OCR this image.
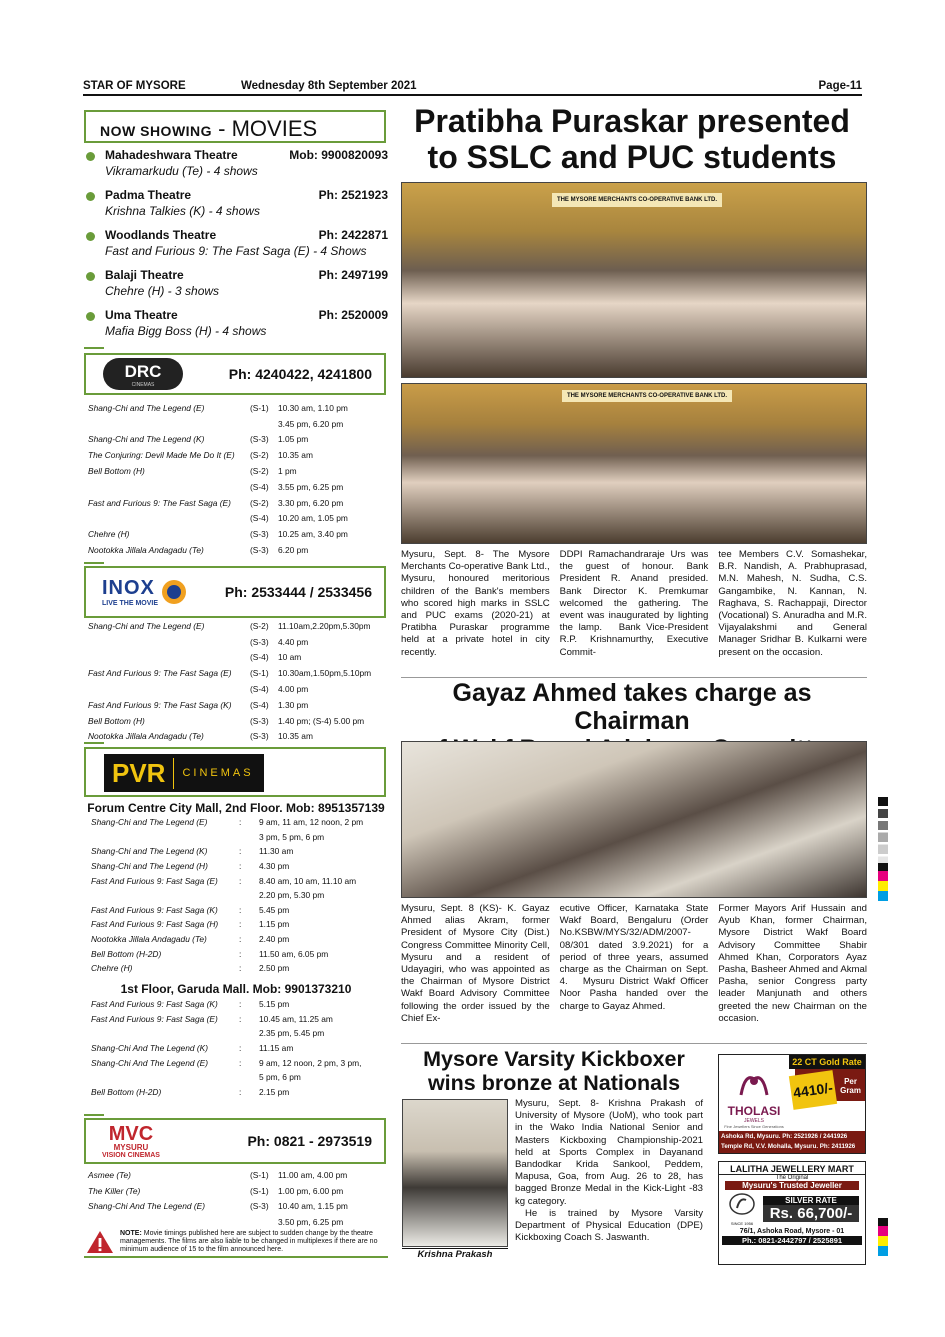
STAR OF MYSORE	Wednesday 8th September 2021	Page-11
NOW SHOWING - MOVIES
Mahadeshwara Theatre	Mob: 9900820093
Vikramarkudu (Te) - 4 shows
Padma Theatre	Ph: 2521923
Krishna Talkies (K) - 4 shows
Woodlands Theatre	Ph: 2422871
Fast and Furious 9: The Fast Saga (E) - 4 Shows
Balaji Theatre	Ph: 2497199
Chehre (H) - 3 shows
Uma Theatre	Ph: 2520009
Mafia Bigg Boss (H) - 4 shows
DRC
CINEMAS
Ph: 4240422, 4241800
Shang-Chi and The Legend (E)	(S-1)	10.30 am, 1.10 pm
3.45 pm, 6.20 pm
Shang-Chi and The Legend (K)	(S-3)	1.05 pm
The Conjuring: Devil Made Me Do It (E)	(S-2)	10.35 am
Bell Bottom (H)	(S-2)	1 pm
(S-4)	3.55 pm, 6.25 pm
Fast and Furious 9: The Fast Saga (E)	(S-2)	3.30 pm, 6.20 pm
(S-4)	10.20 am, 1.05 pm
Chehre (H)	(S-3)	10.25 am, 3.40 pm
Nootokka Jillala Andagadu (Te)	(S-3)	6.20 pm
INOX
LIVE THE MOVIE
Ph: 2533444 / 2533456
Shang-Chi and The Legend (E)	(S-2)	11.10am,2.20pm,5.30pm
(S-3)	4.40 pm
(S-4)	10 am
Fast And Furious 9: The Fast Saga (E)	(S-1)	10.30am,1.50pm,5.10pm
(S-4)	4.00 pm
Fast And Furious 9: The Fast Saga (K)	(S-4)	1.30 pm
Bell Bottom (H)	(S-3)	1.40 pm; (S-4) 5.00 pm
Nootokka Jillala Andagadu (Te)	(S-3)	10.35 am
PVR	CINEMAS
Forum Centre City Mall, 2nd Floor. Mob: 8951357139
Shang-Chi and The Legend (E)	:	9 am, 11 am, 12 noon, 2 pm
3 pm, 5 pm, 6 pm
Shang-Chi and The Legend (K)	:	11.30 am
Shang-Chi and The Legend (H)	:	4.30 pm
Fast And Furious 9: Fast Saga (E)	:	8.40 am, 10 am, 11.10 am
2.20 pm, 5.30 pm
Fast And Furious 9: Fast Saga (K)	:	5.45 pm
Fast And Furious 9: Fast Saga (H)	:	1.15 pm
Nootokka Jillala Andagadu (Te)	:	2.40 pm
Bell Bottom (H-2D)	:	11.50 am, 6.05 pm
Chehre (H)	:	2.50 pm
1st Floor, Garuda Mall. Mob: 9901373210
Fast And Furious 9: Fast Saga (K)	:	5.15 pm
Fast And Furious 9: Fast Saga (E)	:	10.45 am, 11.25 am
2.35 pm, 5.45 pm
Shang-Chi And The Legend (K)	:	11.15 am
Shang-Chi And The Legend (E)	:	9 am, 12 noon, 2 pm, 3 pm,
5 pm, 6 pm
Bell Bottom (H-2D)	:	2.15 pm
MVC
MYSURU
VISION CINEMAS
Ph: 0821 - 2973519
Asmee (Te)	(S-1)	11.00 am, 4.00 pm
The Killer (Te)	(S-1)	1.00 pm, 6.00 pm
Shang-Chi And The Legend (E)	(S-3)	10.40 am, 1.15 pm
3.50 pm, 6.25 pm
NOTE: Movie timings published here are subject to sudden change by the theatre managements. The films are also liable to be changed in multiplexes if there are no minimum audience of 15 to the film announced here.
Pratibha Puraskar presented
to SSLC and PUC students
THE MYSORE MERCHANTS CO-OPERATIVE BANK LTD.
THE MYSORE MERCHANTS CO-OPERATIVE BANK LTD.
Mysuru, Sept. 8- The Mysore Merchants Co-operative Bank Ltd., Mysuru, honoured meritorious children of the Bank's members who scored high marks in SSLC and PUC exams (2020-21) at Pratibha Puraskar programme held at a private hotel in city recently.
DDPI Ramachandraraje Urs was the guest of honour. Bank President R. Anand presided. Bank Director K. Premkumar welcomed the gathering. The event was inaugurated by lighting the lamp.   Bank Vice-President R.P. Krishnamurthy, Executive Commit-
tee Members C.V. Somashekar, B.R. Nandish, A. Prabhuprasad, M.N. Mahesh, N. Sudha, C.S. Gangambike, N. Kannan, N. Raghava, S. Rachappaji, Director (Vocational) S. Anuradha and M.R. Vijayalakshmi and General Manager Sridhar B. Kulkarni were present on the occasion.
Gayaz Ahmed takes charge as Chairman
Mysuru, Sept. 8 (KS)- K. Gayaz Ahmed alias Akram, former President of Mysore City (Dist.) Congress Committee Minority Cell, Mysuru and a resident of Udayagiri, who was appointed as the Chairman of Mysore District Wakf Board Advisory Committee following the order issued by the Chief Ex-
ecutive Officer, Karnataka State Wakf Board, Bengaluru (Order No.KSBW/MYS/32/ADM/2007-08/301 dated 3.9.2021) for a period of three years, assumed charge as the Chairman on Sept. 4.   Mysuru District Wakf Officer Noor Pasha handed over the charge to Gayaz Ahmed.
Former Mayors Arif Hussain and Ayub Khan, former Chairman, Mysore District Wakf Board Advisory Committee Shabir Ahmed Khan, Corporators Ayaz Pasha, Basheer Ahmed and Akmal Pasha, senior Congress party leader Manjunath and others greeted the new Chairman on the occasion.
Mysore Varsity Kickboxer
wins bronze at Nationals
Krishna Prakash
Mysuru, Sept. 8- Krishna Prakash of University of Mysore (UoM), who took part in the Wako India National Senior and Masters Kickboxing Championship-2021 held at Sports Complex in Dayanand Bandodkar Krida Sankool, Peddem, Mapusa, Goa, from Aug. 26 to 28, has bagged Bronze Medal in the Kick-Light -83 kg category.
He is trained by Mysore Varsity Department of Physical Education (DPE) Kickboxing Coach S. Jaswanth.
22 CT Gold Rate
THOLASI
JEWELS
Fine Jewellers Since Generations
4410/-	Per
Gram
Ashoka Rd, Mysuru. Ph: 2521926 / 2441926
Temple Rd, V.V. Mohalla, Mysuru. Ph: 2411926
LALITHA JEWELLERY MART
The Original
Mysuru's Trusted Jeweller
SINCE 1956
SILVER RATE
Rs. 66,700/-
76/1, Ashoka Road, Mysore - 01
Ph.: 0821-2442797 / 2525891
